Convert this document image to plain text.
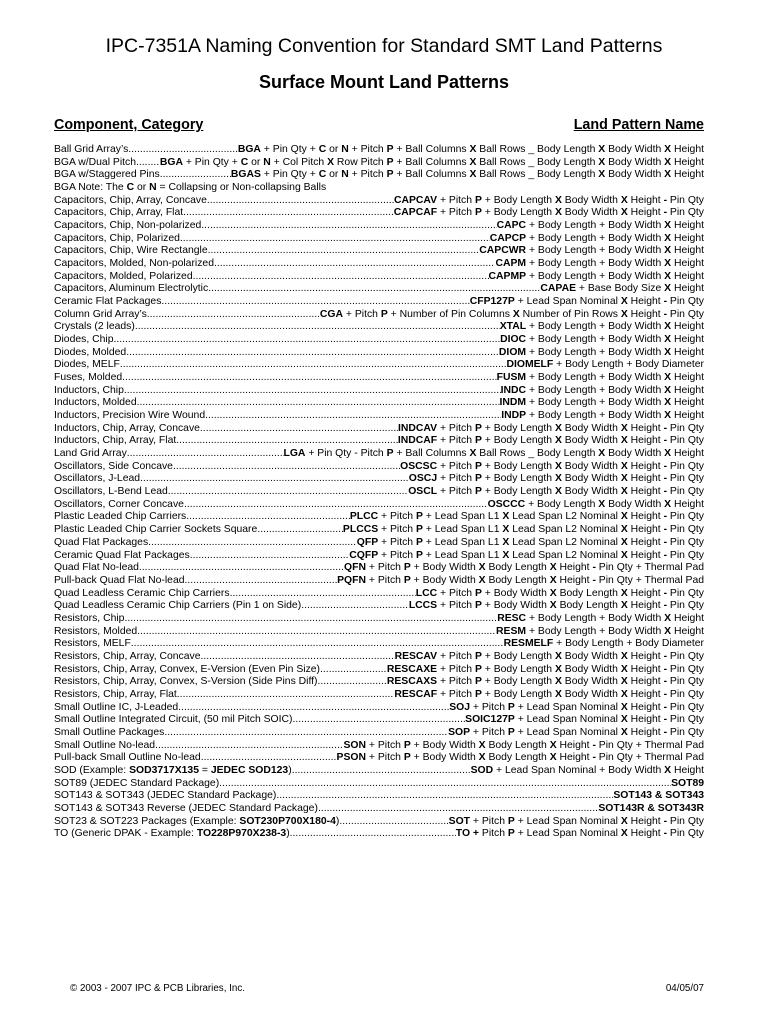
IPC-7351A Naming Convention for Standard SMT Land Patterns
Surface Mount Land Patterns
Component, Category	Land Pattern Name
Ball Grid Array’s .....	BGA + Pin Qty + C or N + Pitch P + Ball Columns X Ball Rows _ Body Length X Body Width X Height
BGA w/Dual Pitch ..... BGA + Pin Qty + C or N + Col Pitch X Row Pitch P + Ball Columns X Ball Rows _ Body Length X Body Width X Height
BGA w/Staggered Pins .....	BGAS + Pin Qty + C or N + Pitch P + Ball Columns X Ball Rows _ Body Length X Body Width X Height
BGA Note: The C or N = Collapsing or Non-collapsing Balls
Capacitors, Chip, Array, Concave .....	CAPCAV + Pitch P + Body Length X Body Width X Height - Pin Qty
Capacitors, Chip, Array, Flat .....	CAPCAF + Pitch P + Body Length X Body Width X Height - Pin Qty
Capacitors, Chip, Non-polarized .....	CAPC + Body Length + Body Width X Height
Capacitors, Chip, Polarized .....	CAPCP + Body Length + Body Width X Height
Capacitors, Chip, Wire Rectangle .....	CAPCWR + Body Length + Body Width X Height
Capacitors, Molded, Non-polarized .....	CAPM + Body Length + Body Width X Height
Capacitors, Molded, Polarized .....	CAPMP + Body Length + Body Width X Height
Capacitors, Aluminum Electrolytic .....	CAPAE + Base Body Size X Height
Ceramic Flat Packages .....	CFP127P + Lead Span Nominal X Height - Pin Qty
Column Grid Array’s .....	CGA + Pitch P + Number of Pin Columns X Number of Pin Rows X Height - Pin Qty
Crystals (2 leads) .....	XTAL + Body Length + Body Width X Height
Diodes, Chip .....	DIOC + Body Length + Body Width X Height
Diodes, Molded .....	DIOM + Body Length + Body Width X Height
Diodes, MELF .....	DIOMELF + Body Length + Body Diameter
Fuses, Molded .....	FUSM + Body Length + Body Width X Height
Inductors, Chip .....	INDC + Body Length + Body Width X Height
Inductors, Molded .....	INDM + Body Length + Body Width X Height
Inductors, Precision Wire Wound .....	INDP + Body Length + Body Width X Height
Inductors, Chip, Array, Concave .....	INDCAV + Pitch P + Body Length X Body Width X Height - Pin Qty
Inductors, Chip, Array, Flat .....	INDCAF + Pitch P + Body Length X Body Width X Height - Pin Qty
Land Grid Array .....	LGA + Pin Qty - Pitch P + Ball Columns X Ball Rows _ Body Length X Body Width X Height
Oscillators, Side Concave .....	OSCSC + Pitch P + Body Length X Body Width X Height - Pin Qty
Oscillators, J-Lead .....	OSCJ + Pitch P + Body Length X Body Width X Height - Pin Qty
Oscillators, L-Bend Lead .....	OSCL + Pitch P + Body Length X Body Width X Height - Pin Qty
Oscillators, Corner Concave .....	OSCCC + Body Length X Body Width X Height
Plastic Leaded Chip Carriers .....	PLCC + Pitch P + Lead Span L1 X Lead Span L2 Nominal X Height - Pin Qty
Plastic Leaded Chip Carrier Sockets Square .....	PLCCS + Pitch P + Lead Span L1 X Lead Span L2 Nominal X Height - Pin Qty
Quad Flat Packages .....	QFP + Pitch P + Lead Span L1 X Lead Span L2 Nominal X Height - Pin Qty
Ceramic Quad Flat Packages .....	CQFP + Pitch P + Lead Span L1 X Lead Span L2 Nominal X Height - Pin Qty
Quad Flat No-lead .....	QFN + Pitch P + Body Width X Body Length X Height - Pin Qty + Thermal Pad
Pull-back Quad Flat No-lead .....	PQFN + Pitch P + Body Width X Body Length X Height - Pin Qty + Thermal Pad
Quad Leadless Ceramic Chip Carriers .....	LCC + Pitch P + Body Width X Body Length X Height - Pin Qty
Quad Leadless Ceramic Chip Carriers (Pin 1 on Side) .....	LCCS + Pitch P + Body Width X Body Length X Height - Pin Qty
Resistors, Chip .....	RESC + Body Length + Body Width X Height
Resistors, Molded .....	RESM + Body Length + Body Width X Height
Resistors, MELF .....	RESMELF + Body Length + Body Diameter
Resistors, Chip, Array, Concave .....	RESCAV + Pitch P + Body Length X Body Width X Height - Pin Qty
Resistors, Chip, Array, Convex, E-Version (Even Pin Size) .....	RESCAXE + Pitch P + Body Length X Body Width X Height - Pin Qty
Resistors, Chip, Array, Convex, S-Version (Side Pins Diff) .....	RESCAXS + Pitch P + Body Length X Body Width X Height - Pin Qty
Resistors, Chip, Array, Flat .....	RESCAF + Pitch P + Body Length X Body Width X Height - Pin Qty
Small Outline IC, J-Leaded .....	SOJ + Pitch P + Lead Span Nominal X Height - Pin Qty
Small Outline Integrated Circuit, (50 mil Pitch SOIC) .....	SOIC127P + Lead Span Nominal X Height - Pin Qty
Small Outline Packages .....	SOP + Pitch P + Lead Span Nominal X Height - Pin Qty
Small Outline No-lead .....	SON + Pitch P + Body Width X Body Length X Height - Pin Qty + Thermal Pad
Pull-back Small Outline No-lead .....	PSON + Pitch P + Body Width X Body Length X Height - Pin Qty + Thermal Pad
SOD (Example: SOD3717X135 = JEDEC SOD123) .....	SOD + Lead Span Nominal + Body Width X Height
SOT89 (JEDEC Standard Package) .....	SOT89
SOT143 & SOT343 (JEDEC Standard Package) .....	SOT143 & SOT343
SOT143 & SOT343 Reverse (JEDEC Standard Package) .....	SOT143R & SOT343R
SOT23 & SOT223 Packages (Example: SOT230P700X180-4) .....	SOT + Pitch P + Lead Span Nominal X Height - Pin Qty
TO (Generic DPAK - Example: TO228P970X238-3) .....	TO + Pitch P + Lead Span Nominal X Height - Pin Qty
© 2003 - 2007 IPC & PCB Libraries, Inc.	04/05/07
